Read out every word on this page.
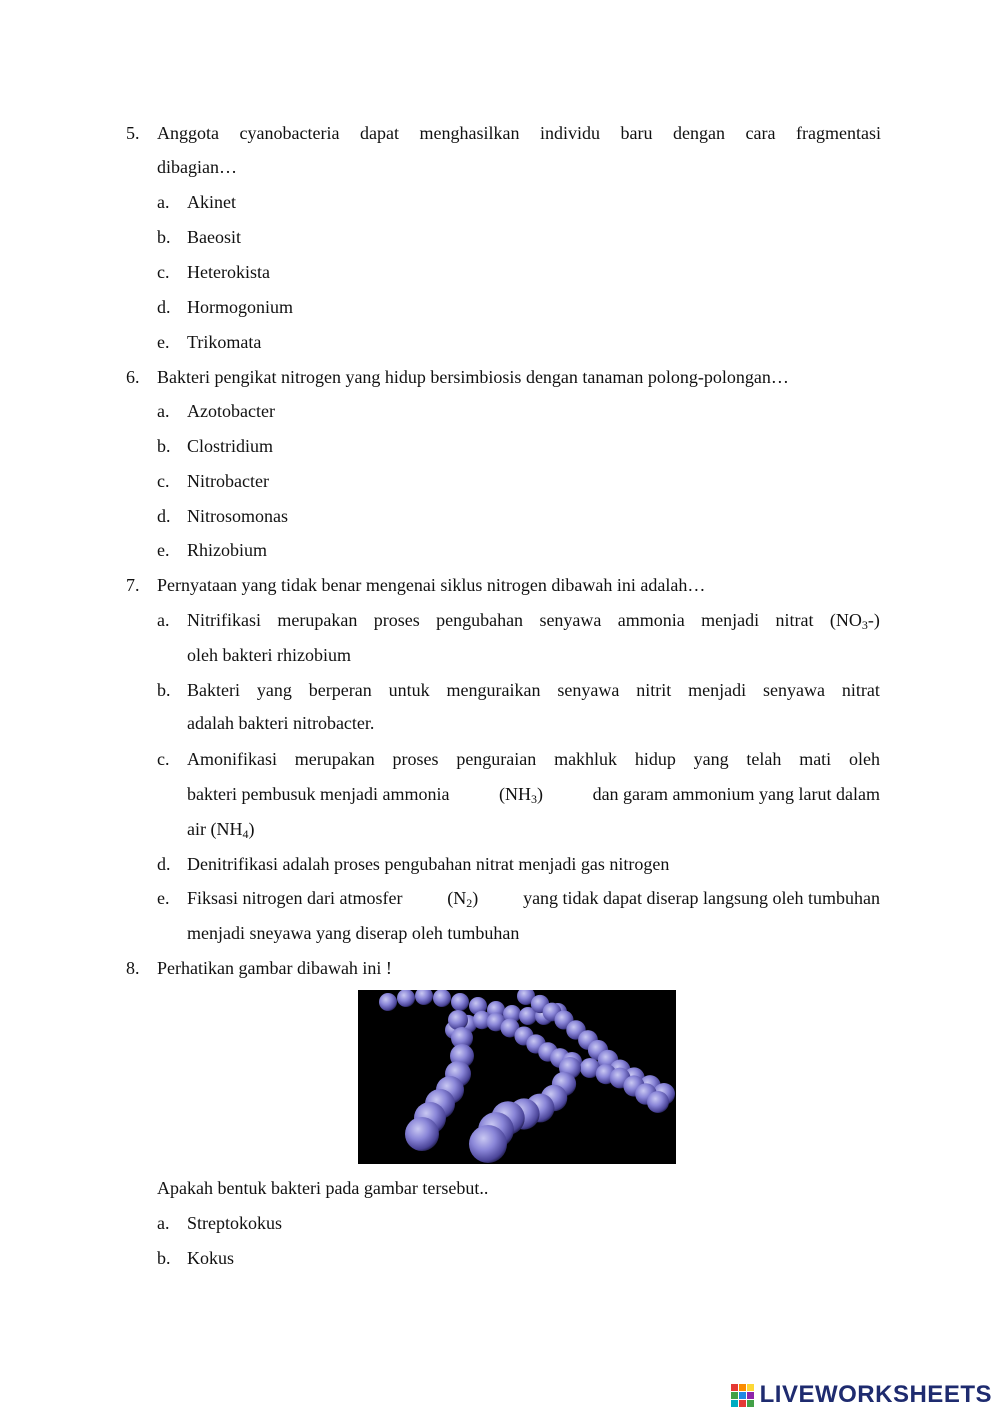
5. Anggota cyanobacteria dapat menghasilkan individu baru dengan cara fragmentasi
dibagian…
a. Akinet
b. Baeosit
c. Heterokista
d. Hormogonium
e. Trikomata
6. Bakteri pengikat nitrogen yang hidup bersimbiosis dengan tanaman polong-polongan…
a. Azotobacter
b. Clostridium
c. Nitrobacter
d. Nitrosomonas
e. Rhizobium
7. Pernyataan yang tidak benar mengenai siklus nitrogen dibawah ini adalah…
a. Nitrifikasi merupakan proses pengubahan senyawa ammonia menjadi nitrat $(NO_3-)$
oleh bakteri rhizobium
b. Bakteri yang berperan untuk menguraikan senyawa nitrit menjadi senyawa nitrat
adalah bakteri nitrobacter.
c. Amonifikasi merupakan proses penguraian makhluk hidup yang telah mati oleh
bakteri pembusuk menjadi ammonia	$(NH_3)$	dan garam ammonium yang larut dalam
air $(NH_4)$
d. Denitrifikasi adalah proses pengubahan nitrat menjadi gas nitrogen
e. Fiksasi nitrogen dari atmosfer $(N_2)$ yang tidak dapat diserap langsung oleh tumbuhan
menjadi sneyawa yang diserap oleh tumbuhan
8. Perhatikan gambar dibawah ini !
Apakah bentuk bakteri pada gambar tersebut..
a. Streptokokus
b. Kokus
LIVEWORKSHEETS
